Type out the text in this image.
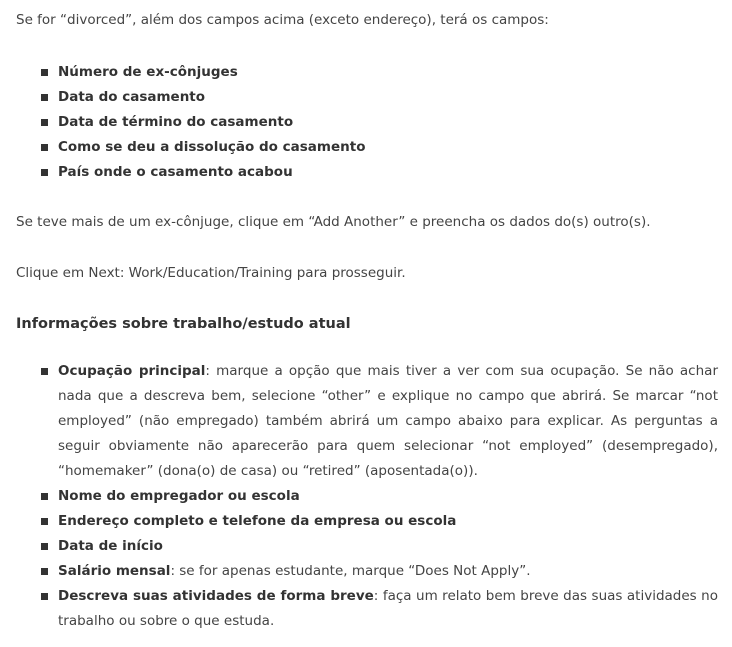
Se for “divorced”, além dos campos acima (exceto endereço), terá os campos:

Número de ex-cônjuges
Data do casamento
Data de término do casamento
Como se deu a dissolução do casamento
País onde o casamento acabou

Se teve mais de um ex-cônjuge, clique em “Add Another” e preencha os dados do(s) outro(s).

Clique em Next: Work/Education/Training para prosseguir.

Informações sobre trabalho/estudo atual
Ocupação principal: marque a opção que mais tiver a ver com sua ocupação. Se não achar nada que a descreva bem, selecione “other” e explique no campo que abrirá. Se marcar “not employed” (não empregado) também abrirá um campo abaixo para explicar. As perguntas a seguir obviamente não aparecerão para quem selecionar “not employed” (desempregado), “homemaker” (dona(o) de casa) ou “retired” (aposentada(o)).
Nome do empregador ou escola
Endereço completo e telefone da empresa ou escola
Data de início
Salário mensal: se for apenas estudante, marque “Does Not Apply”.
Descreva suas atividades de forma breve: faça um relato bem breve das suas atividades no trabalho ou sobre o que estuda.
